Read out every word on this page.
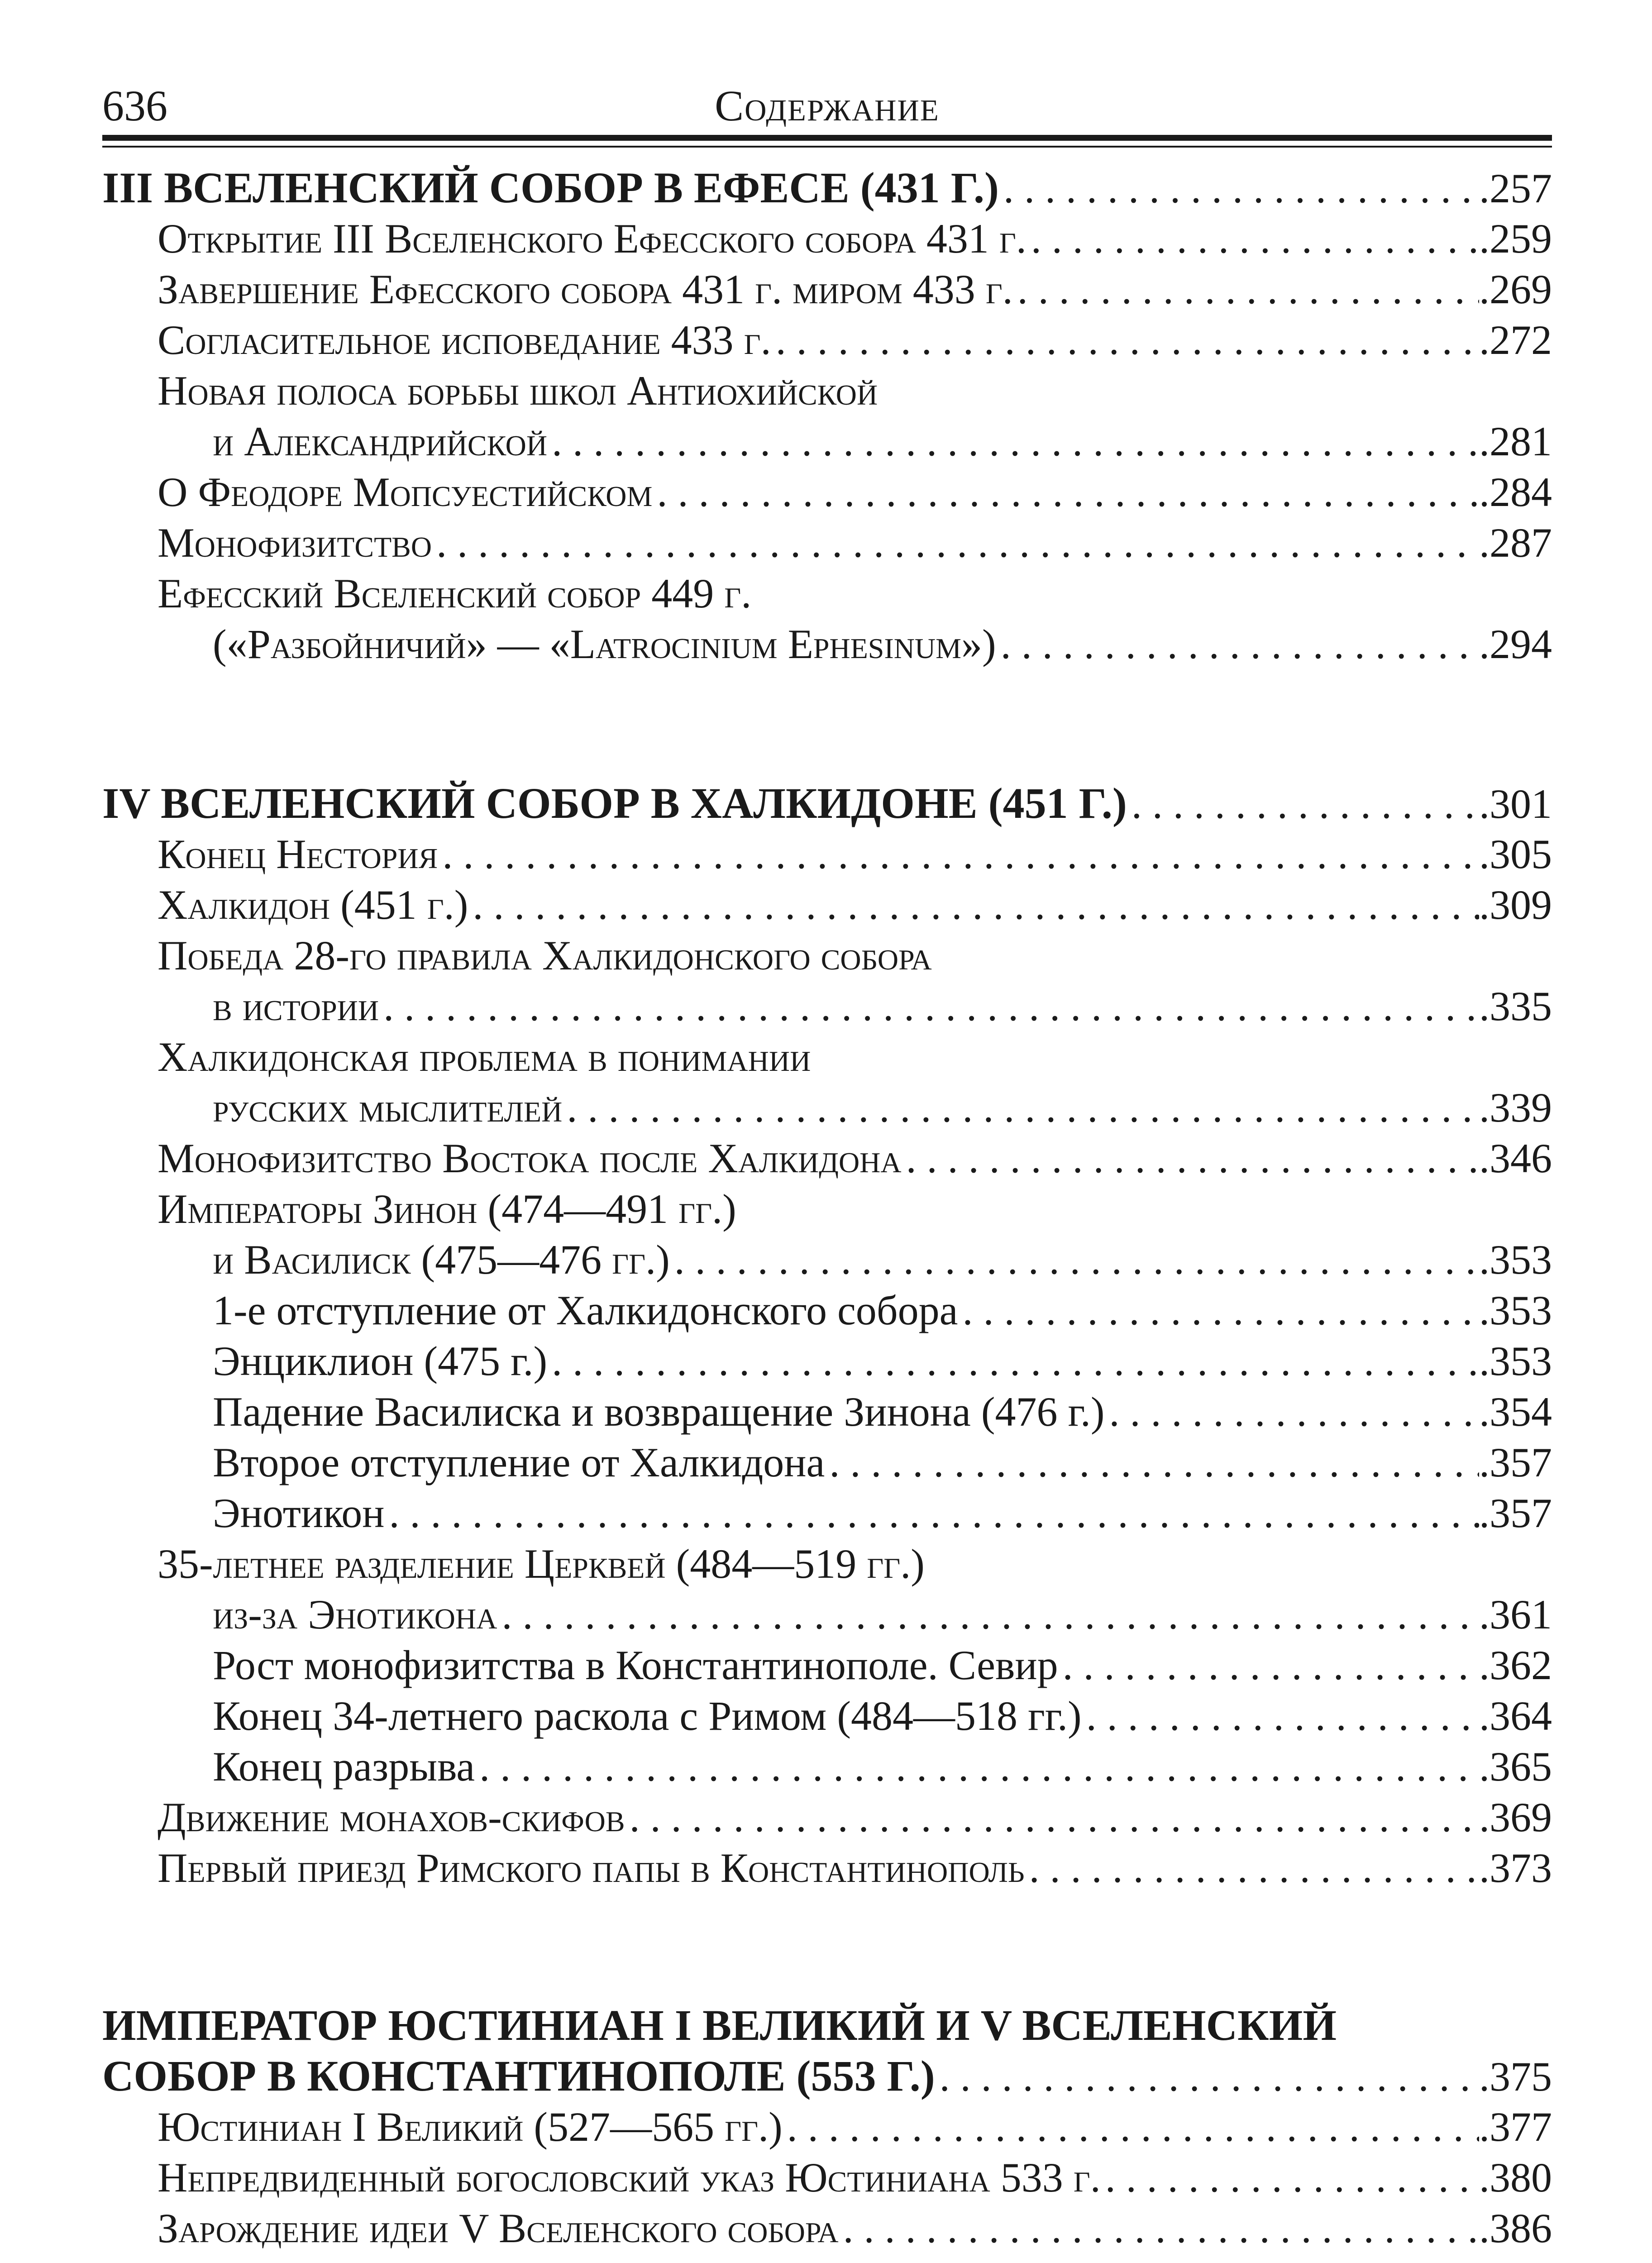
636	Содержание
III ВСЕЛЕНСКИЙ СОБОР В ЕФЕСЕ (431 Г.) . . .	.257
Открытие III Вселенского Ефесского собора 431 г. . . .	.259
Завершение Ефесского собора 431 г. миром 433 г. . . .	.269
Согласительное исповедание 433 г. . . .	.272
Новая полоса борьбы школ Антиохийской
и Александрийской . . .	.281
О Феодоре Мопсуестийском . . .	.284
Монофизитство . . .	.287
Ефесский Вселенский собор 449 г.
(«Разбойничий» — «Latrocinium Ephesinum») . . .	.294
IV ВСЕЛЕНСКИЙ СОБОР В ХАЛКИДОНЕ (451 Г.) . . .	.301
Конец Нестория . . .	.305
Халкидон (451 г.) . . .	.309
Победа 28-го правила Халкидонского собора
в истории . . .	.335
Халкидонская проблема в понимании
русских мыслителей . . .	.339
Монофизитство Востока после Халкидона . . .	.346
Императоры Зинон (474—491 гг.)
и Василиск (475—476 гг.) . . .	.353
1-е отступление от Халкидонского собора . . .	.353
Энциклион (475 г.) . . .	.353
Падение Василиска и возвращение Зинона (476 г.) . . .	.354
Второе отступление от Халкидона . . .	.357
Энотикон . . .	.357
35-летнее разделение Церквей (484—519 гг.)
из-за Энотикона . . .	.361
Рост монофизитства в Константинополе. Севир . . .	.362
Конец 34-летнего раскола с Римом (484—518 гг.) . . .	.364
Конец разрыва . . .	.365
Движение монахов-скифов . . .	.369
Первый приезд Римского папы в Константинополь . . .	.373
ИМПЕРАТОР ЮСТИНИАН I ВЕЛИКИЙ И V ВСЕЛЕНСКИЙ
СОБОР В КОНСТАНТИНОПОЛЕ (553 Г.) . . .	.375
Юстиниан I Великий (527—565 гг.) . . .	.377
Непредвиденный богословский указ Юстиниана 533 г. . . .	.380
Зарождение идеи V Вселенского собора . . .	.386
